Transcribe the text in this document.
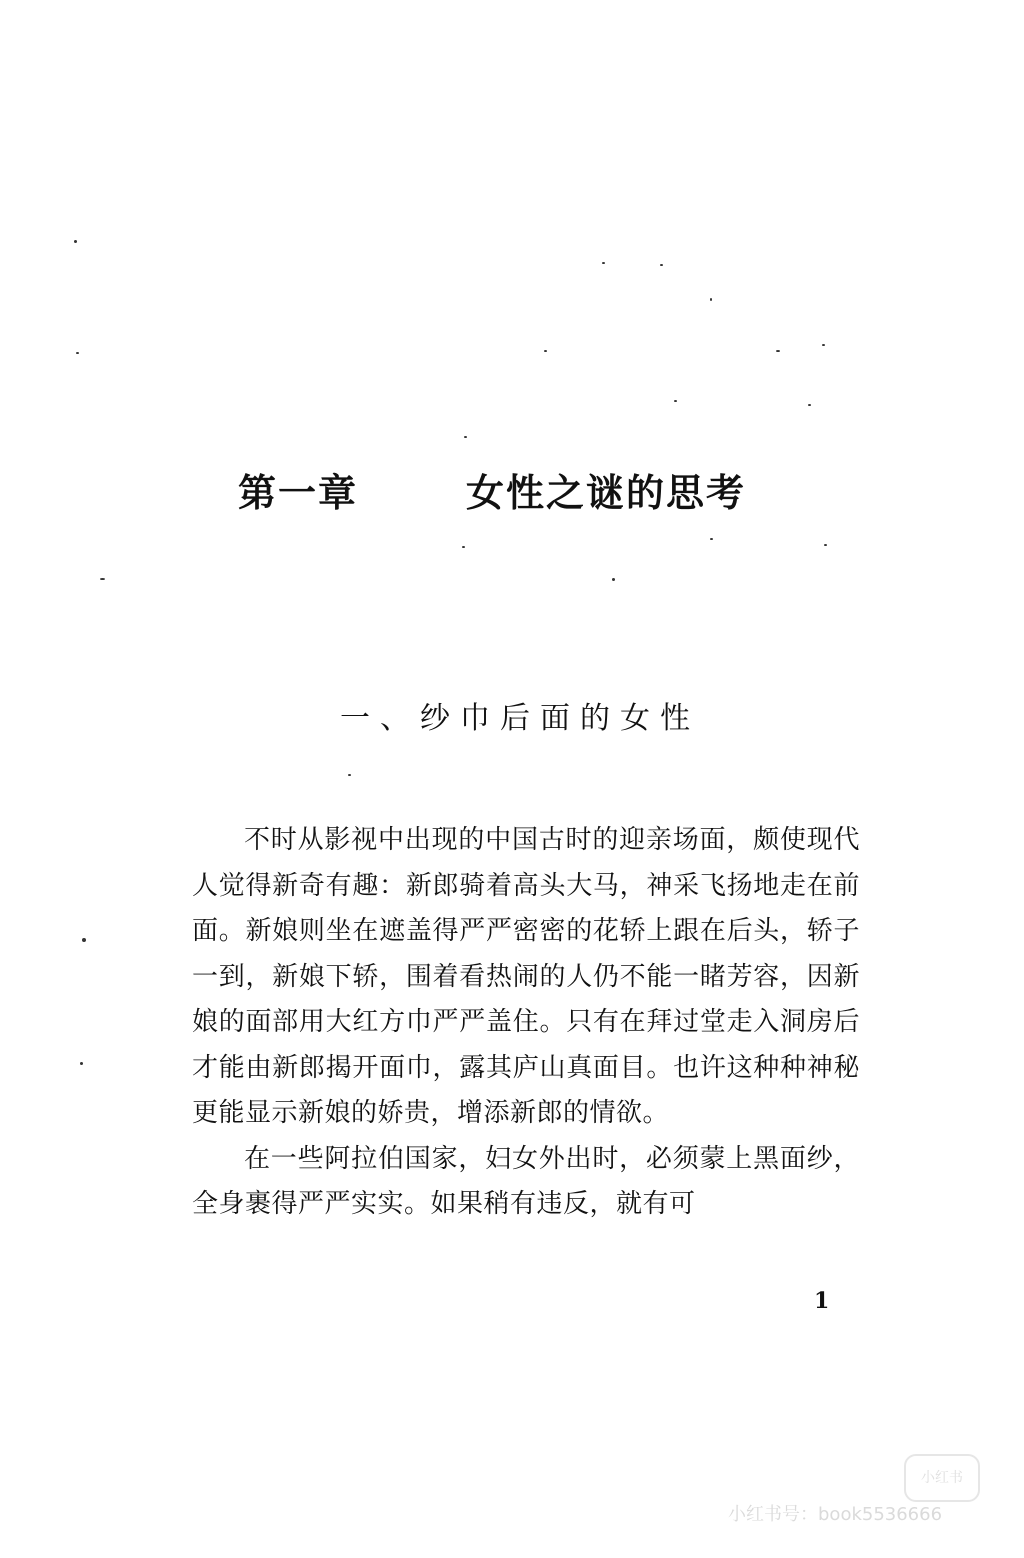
第一章	女性之谜的思考
一、纱巾后面的女性

不时从影视中出现的中国古时的迎亲场面，颇使现代人觉得新奇有趣：新郎骑着高头大马，神采飞扬地走在前面。新娘则坐在遮盖得严严密密的花轿上跟在后头，轿子一到，新娘下轿，围着看热闹的人仍不能一睹芳容，因新娘的面部用大红方巾严严盖住。只有在拜过堂走入洞房后才能由新郎揭开面巾，露其庐山真面目。也许这种种神秘更能显示新娘的娇贵，增添新郎的情欲。

在一些阿拉伯国家，妇女外出时，必须蒙上黑面纱，全身裹得严严实实。如果稍有违反，就有可

1
小红书
小红书号：book5536666
